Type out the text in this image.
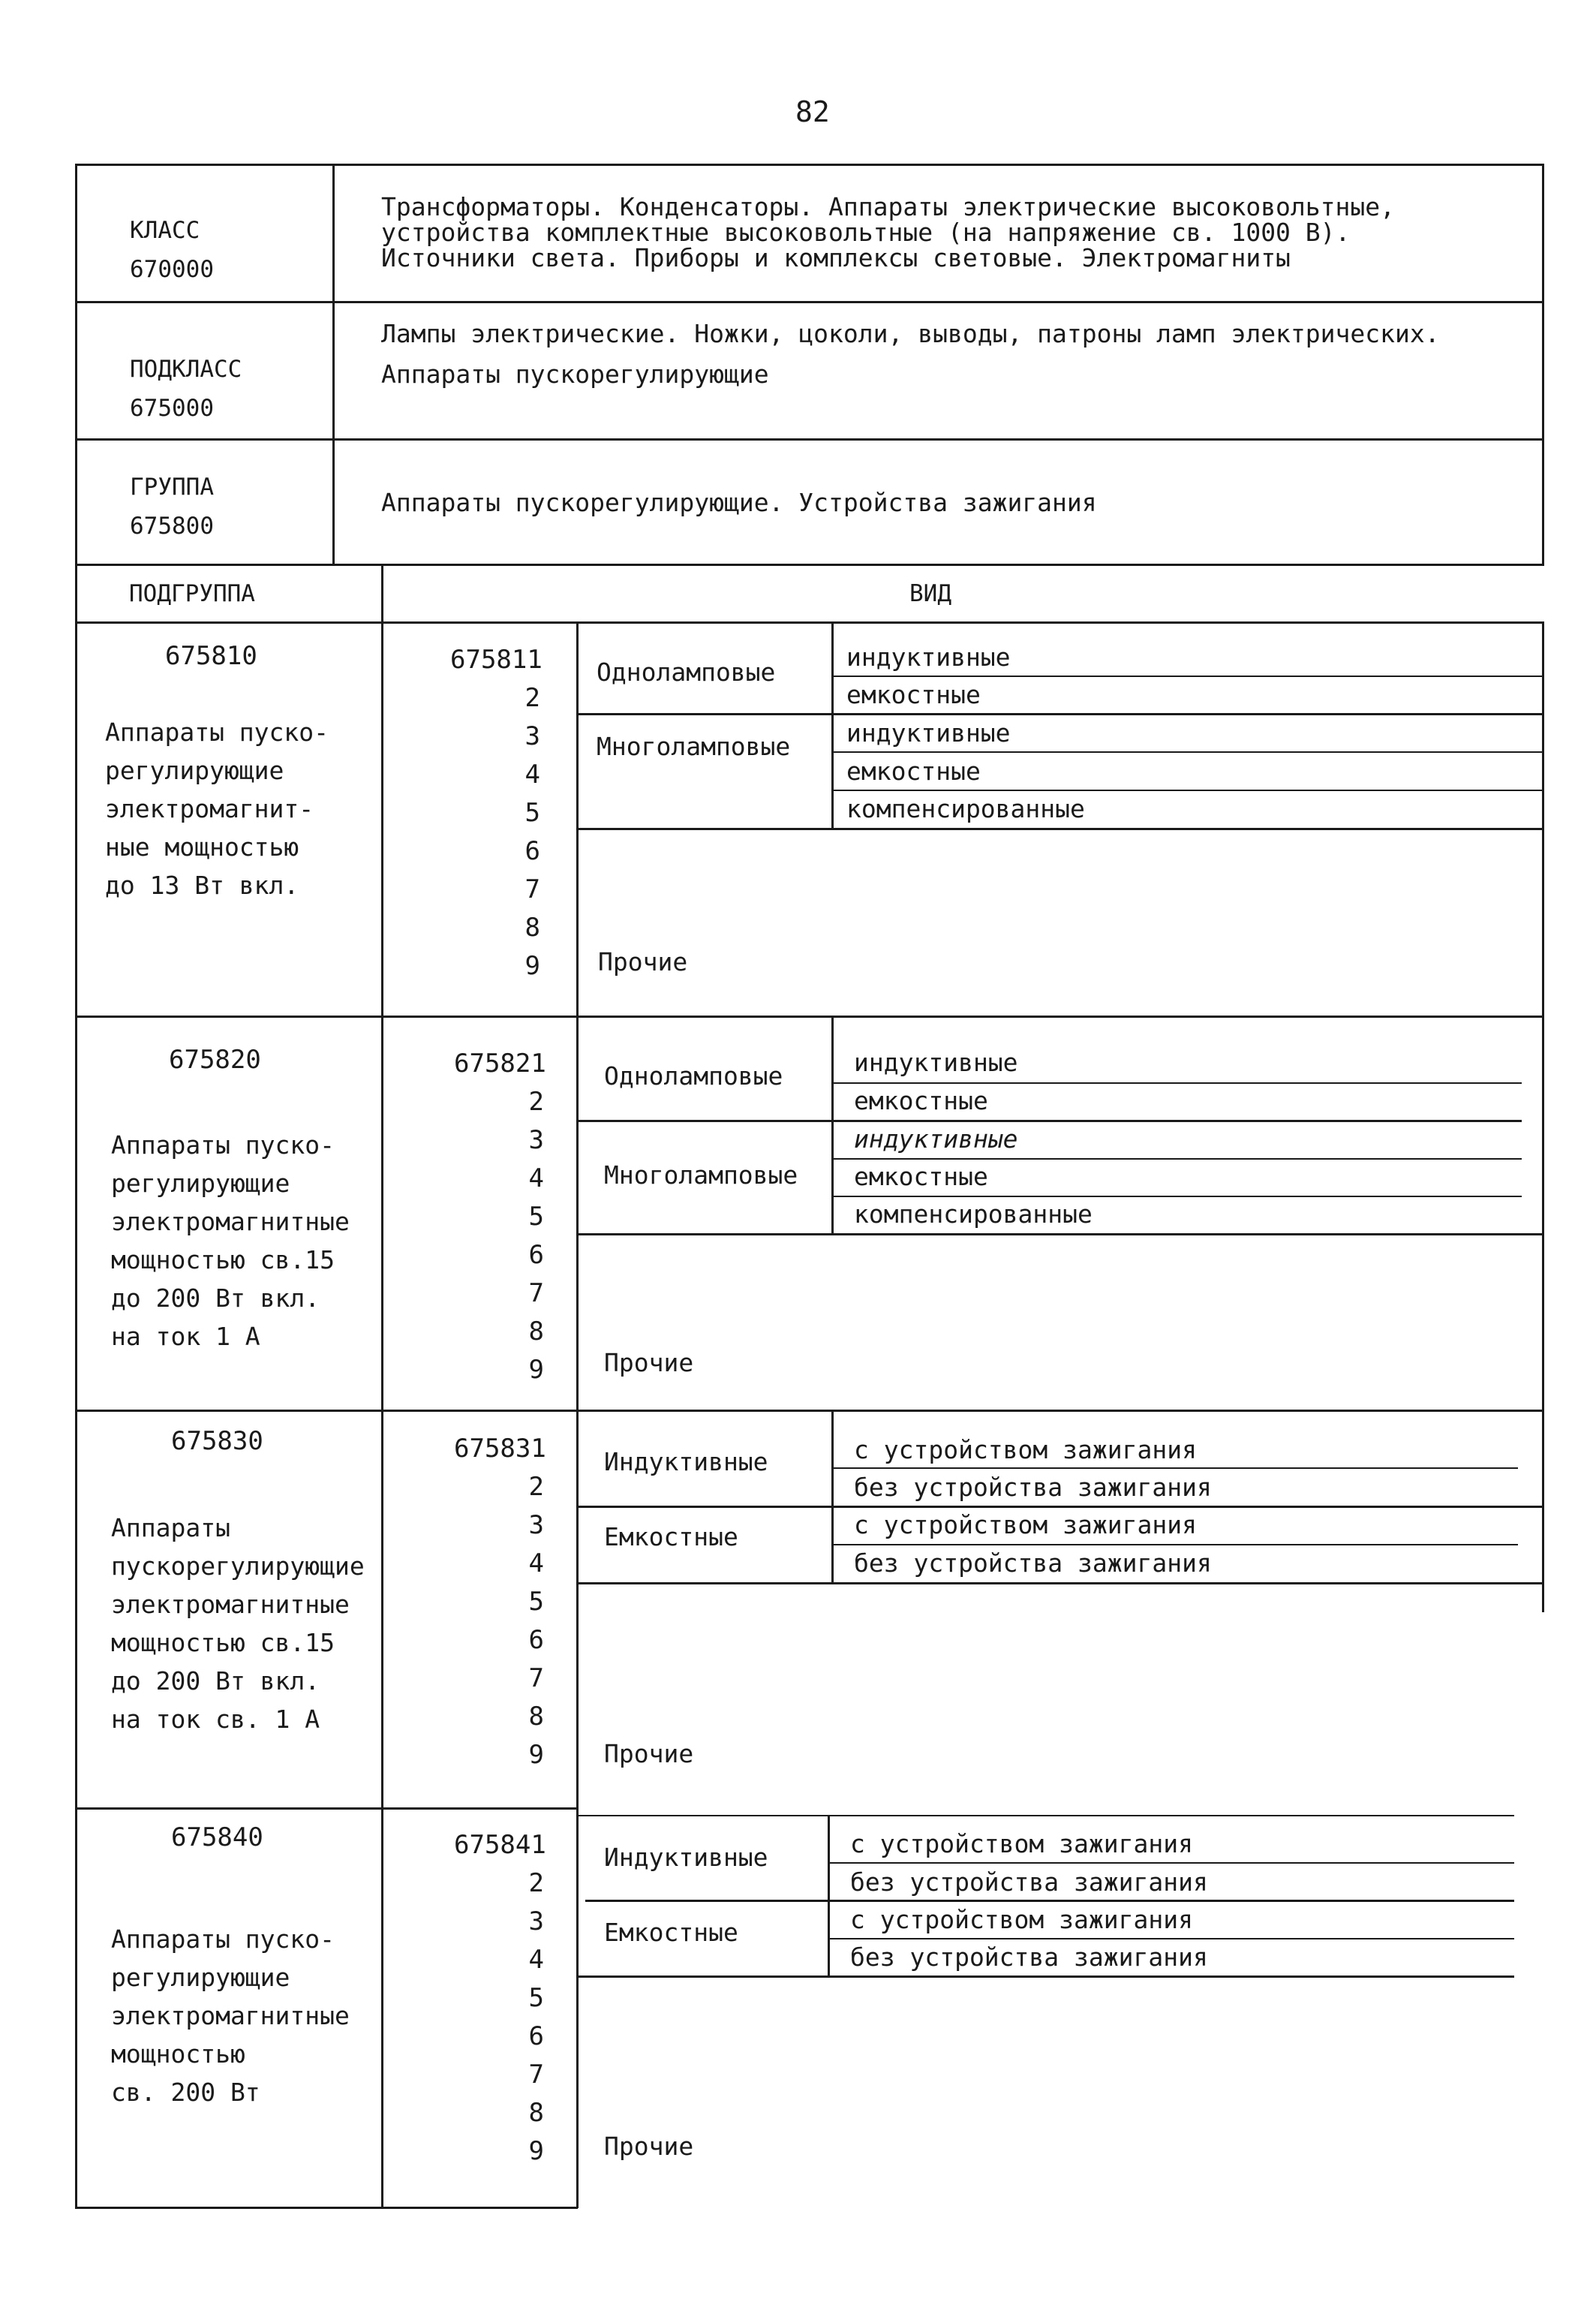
82
КЛАСС
670000
Трансформаторы. Конденсаторы. Аппараты электрические высоковольтные,
устройства комплектные высоковольтные (на напряжение св. 1000 В).
Источники света. Приборы и комплексы световые. Электромагниты
ПОДКЛАСС
675000
Лампы электрические. Ножки, цоколи, выводы, патроны ламп электрических.
Аппараты пускорегулирующие
ГРУППА
675800
Аппараты пускорегулирующие. Устройства зажигания
ПОДГРУППА	ВИД
675810
Аппараты пуско-
регулирующие
электромагнит-
ные мощностью
до 13 Вт вкл.
675811
2
3
4
5
6
7
8
9
Одноламповые
Многоламповые
индуктивные
емкостные
индуктивные
емкостные
компенсированные
Прочие
675820
Аппараты пуско-
регулирующие
электромагнитные
мощностью св.15
до 200 Вт вкл.
на ток 1 А
675821
2
3
4
5
6
7
8
9
Одноламповые
Многоламповые
индуктивные
емкостные
индуктивные
емкостные
компенсированные
Прочие
675830
Аппараты
пускорегулирующие
электромагнитные
мощностью св.15
до 200 Вт вкл.
на ток св. 1 А
675831
2
3
4
5
6
7
8
9
Индуктивные
Емкостные
с устройством зажигания
без устройства зажигания
с устройством зажигания
без устройства зажигания
Прочие
675840
Аппараты пуско-
регулирующие
электромагнитные
мощностью
св. 200 Вт
675841
2
3
4
5
6
7
8
9
Индуктивные
Емкостные
с устройством зажигания
без устройства зажигания
с устройством зажигания
без устройства зажигания
Прочие
